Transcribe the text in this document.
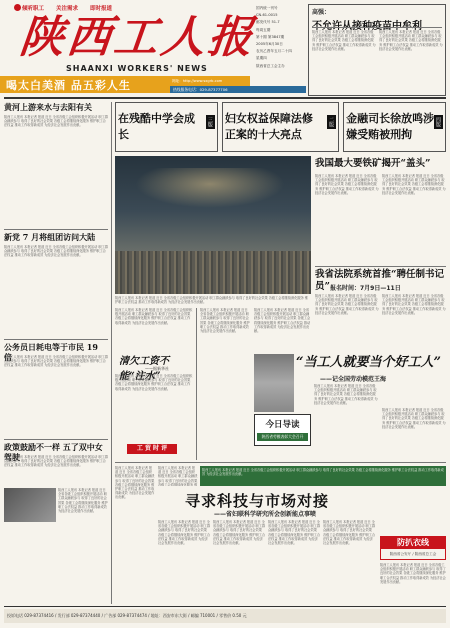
倾听职工 关注需求 即时报道
陕西工人报
SHAANXI WORKERS' NEWS
国内统一刊号
CN-61-0015
邮发代号 51-7
每周五期
第十期 第3847期
2005年6月30日
农历乙酉年五月二十四
星期四
陕西省总工会主办
喝太白美酒 品五彩人生	热线服务电话：029-87377706
网址：http://www.sxgrb.com
高强：
陕西工人报讯 本报记者 报道 近日 全省各级工会组织积极开展活动 职工群众踊跃参与 取得了良好的社会效果 各级工会将继续深化服务 维护职工合法权益 推动工作取得新成效 为经济社会发展作出贡献。
陕西工人报讯 本报记者 报道 近日 全省各级工会组织积极开展活动 职工群众踊跃参与 取得了良好的社会效果 各级工会将继续深化服务 维护职工合法权益 推动工作取得新成效 为经济社会发展作出贡献。
黄河上游来水与去阳有关
陕西工人报讯 本报记者 报道 近日 全省各级工会组织积极开展活动 职工群众踊跃参与 取得了良好的社会效果 各级工会将继续深化服务 维护职工合法权益 推动工作取得新成效 为经济社会发展作出贡献。
新党 7 月将组团访问大陆
陕西工人报讯 本报记者 报道 近日 全省各级工会组织积极开展活动 职工群众踊跃参与 取得了良好的社会效果 各级工会将继续深化服务 维护职工合法权益 推动工作取得新成效 为经济社会发展作出贡献。
公务员日耗电等于市民 19 倍
陕西工人报讯 本报记者 报道 近日 全省各级工会组织积极开展活动 职工群众踊跃参与 取得了良好的社会效果 各级工会将继续深化服务 维护职工合法权益 推动工作取得新成效 为经济社会发展作出贡献。
政策鼓励不一样 五了双中女驾驶
陕西工人报讯 本报记者 报道 近日 全省各级工会组织积极开展活动 职工群众踊跃参与 取得了良好的社会效果 各级工会将继续深化服务 维护职工合法权益 推动工作取得新成效 为经济社会发展作出贡献。
在残酷中学会成长
三版 妇女权益保障法修正案的十大亮点
二版 金融司长徐放鸣涉嫌受贿被刑拘
四版
陕西工人报讯 本报记者 报道 近日 全省各级工会组织积极开展活动 职工群众踊跃参与 取得了良好的社会效果 各级工会将继续深化服务 维护职工合法权益 推动工作取得新成效 为经济社会发展作出贡献。
我国最大要铁矿揭开“盖头”
陕西工人报讯 本报记者 报道 近日 全省各级工会组织积极开展活动 职工群众踊跃参与 取得了良好的社会效果 各级工会将继续深化服务 维护职工合法权益 推动工作取得新成效 为经济社会发展作出贡献。
陕西工人报讯 本报记者 报道 近日 全省各级工会组织积极开展活动 职工群众踊跃参与 取得了良好的社会效果 各级工会将继续深化服务 维护职工合法权益 推动工作取得新成效 为经济社会发展作出贡献。
我省法院系统首推“聘任制书记员” 报名时间：7月9日—11日
陕西工人报讯 本报记者 报道 近日 全省各级工会组织积极开展活动 职工群众踊跃参与 取得了良好的社会效果 各级工会将继续深化服务 维护职工合法权益 推动工作取得新成效 为经济社会发展作出贡献。
陕西工人报讯 本报记者 报道 近日 全省各级工会组织积极开展活动 职工群众踊跃参与 取得了良好的社会效果 各级工会将继续深化服务 维护职工合法权益 推动工作取得新成效 为经济社会发展作出贡献。
陕西工人报讯 本报记者 报道 近日 全省各级工会组织积极开展活动 职工群众踊跃参与 取得了良好的社会效果 各级工会将继续深化服务 维护职工合法权益 推动工作取得新成效 为经济社会发展作出贡献。
清欠工资不能“注水”
——据新华社
陕西工人报讯 本报记者 报道 近日 全省各级工会组织积极开展活动 职工群众踊跃参与 取得了良好的社会效果 各级工会将继续深化服务 维护职工合法权益 推动工作取得新成效 为经济社会发展作出贡献。
工 贸 时 评
陕西工人报讯 本报记者 报道 近日 全省各级工会组织积极开展活动 职工群众踊跃参与 取得了良好的社会效果 各级工会将继续深化服务 维护职工合法权益 推动工作取得新成效 为经济社会发展作出贡献。
陕西工人报讯 本报记者 报道 近日 全省各级工会组织积极开展活动 职工群众踊跃参与 取得了良好的社会效果 各级工会将继续深化服务 维护职工合法权益 推动工作取得新成效 为经济社会发展作出贡献。
“当工人就要当个好工人”
——记全国劳动模范王海
今日导读
陕西省劳模表彰大会召开
陕西工人报讯 本报记者 报道 近日 全省各级工会组织积极开展活动 职工群众踊跃参与 取得了良好的社会效果 各级工会将继续深化服务 维护职工合法权益 推动工作取得新成效 为经济社会发展作出贡献。
陕西工人报讯 本报记者 报道 近日 全省各级工会组织积极开展活动 职工群众踊跃参与 取得了良好的社会效果 各级工会将继续深化服务 维护职工合法权益 推动工作取得新成效 为经济社会发展作出贡献。
陕西工人报讯 本报记者 报道 近日 全省各级工会组织积极开展活动 职工群众踊跃参与 取得了良好的社会效果 各级工会将继续深化服务 维护职工合法权益 推动工作取得新成效 为经济社会发展作出贡献。
陕西工人报讯 本报记者 报道 近日 全省各级工会组织积极开展活动 职工群众踊跃参与 取得了良好的社会效果 各级工会将继续深化服务 维护职工合法权益 推动工作取得新成效 为经济社会发展作出贡献。
陕西工人报讯 本报记者 报道 近日 全省各级工会组织积极开展活动 职工群众踊跃参与 取得了良好的社会效果 各级工会将继续深化服务 维护职工合法权益 推动工作取得新成效 为经济社会发展作出贡献。
寻求科技与市场对接
——省妇联科学研究所会创新能点事喷
陕西工人报讯 本报记者 报道 近日 全省各级工会组织积极开展活动 职工群众踊跃参与 取得了良好的社会效果 各级工会将继续深化服务 维护职工合法权益 推动工作取得新成效 为经济社会发展作出贡献。
陕西工人报讯 本报记者 报道 近日 全省各级工会组织积极开展活动 职工群众踊跃参与 取得了良好的社会效果 各级工会将继续深化服务 维护职工合法权益 推动工作取得新成效 为经济社会发展作出贡献。
陕西工人报讯 本报记者 报道 近日 全省各级工会组织积极开展活动 职工群众踊跃参与 取得了良好的社会效果 各级工会将继续深化服务 维护职工合法权益 推动工作取得新成效 为经济社会发展作出贡献。
陕西工人报讯 本报记者 报道 近日 全省各级工会组织积极开展活动 职工群众踊跃参与 取得了良好的社会效果 各级工会将继续深化服务 维护职工合法权益 推动工作取得新成效 为经济社会发展作出贡献。
防扒衣线
陕西省公安厅 / 陕西省总工会
陕西工人报讯 本报记者 报道 近日 全省各级工会组织积极开展活动 职工群众踊跃参与 取得了良好的社会效果 各级工会将继续深化服务 维护职工合法权益 推动工作取得新成效 为经济社会发展作出贡献。
陕西工人报讯 本报记者 报道 近日 全省各级工会组织积极开展活动 职工群众踊跃参与 取得了良好的社会效果 各级工会将继续深化服务 维护职工合法权益 推动工作取得新成效 为经济社会发展作出贡献。
投诉电话 029-87374416 / 发行部 029-87374440 / 广告部 029-87374474 / 地址：西安市东大街 / 邮编 710001 / 零售价 0.50 元
